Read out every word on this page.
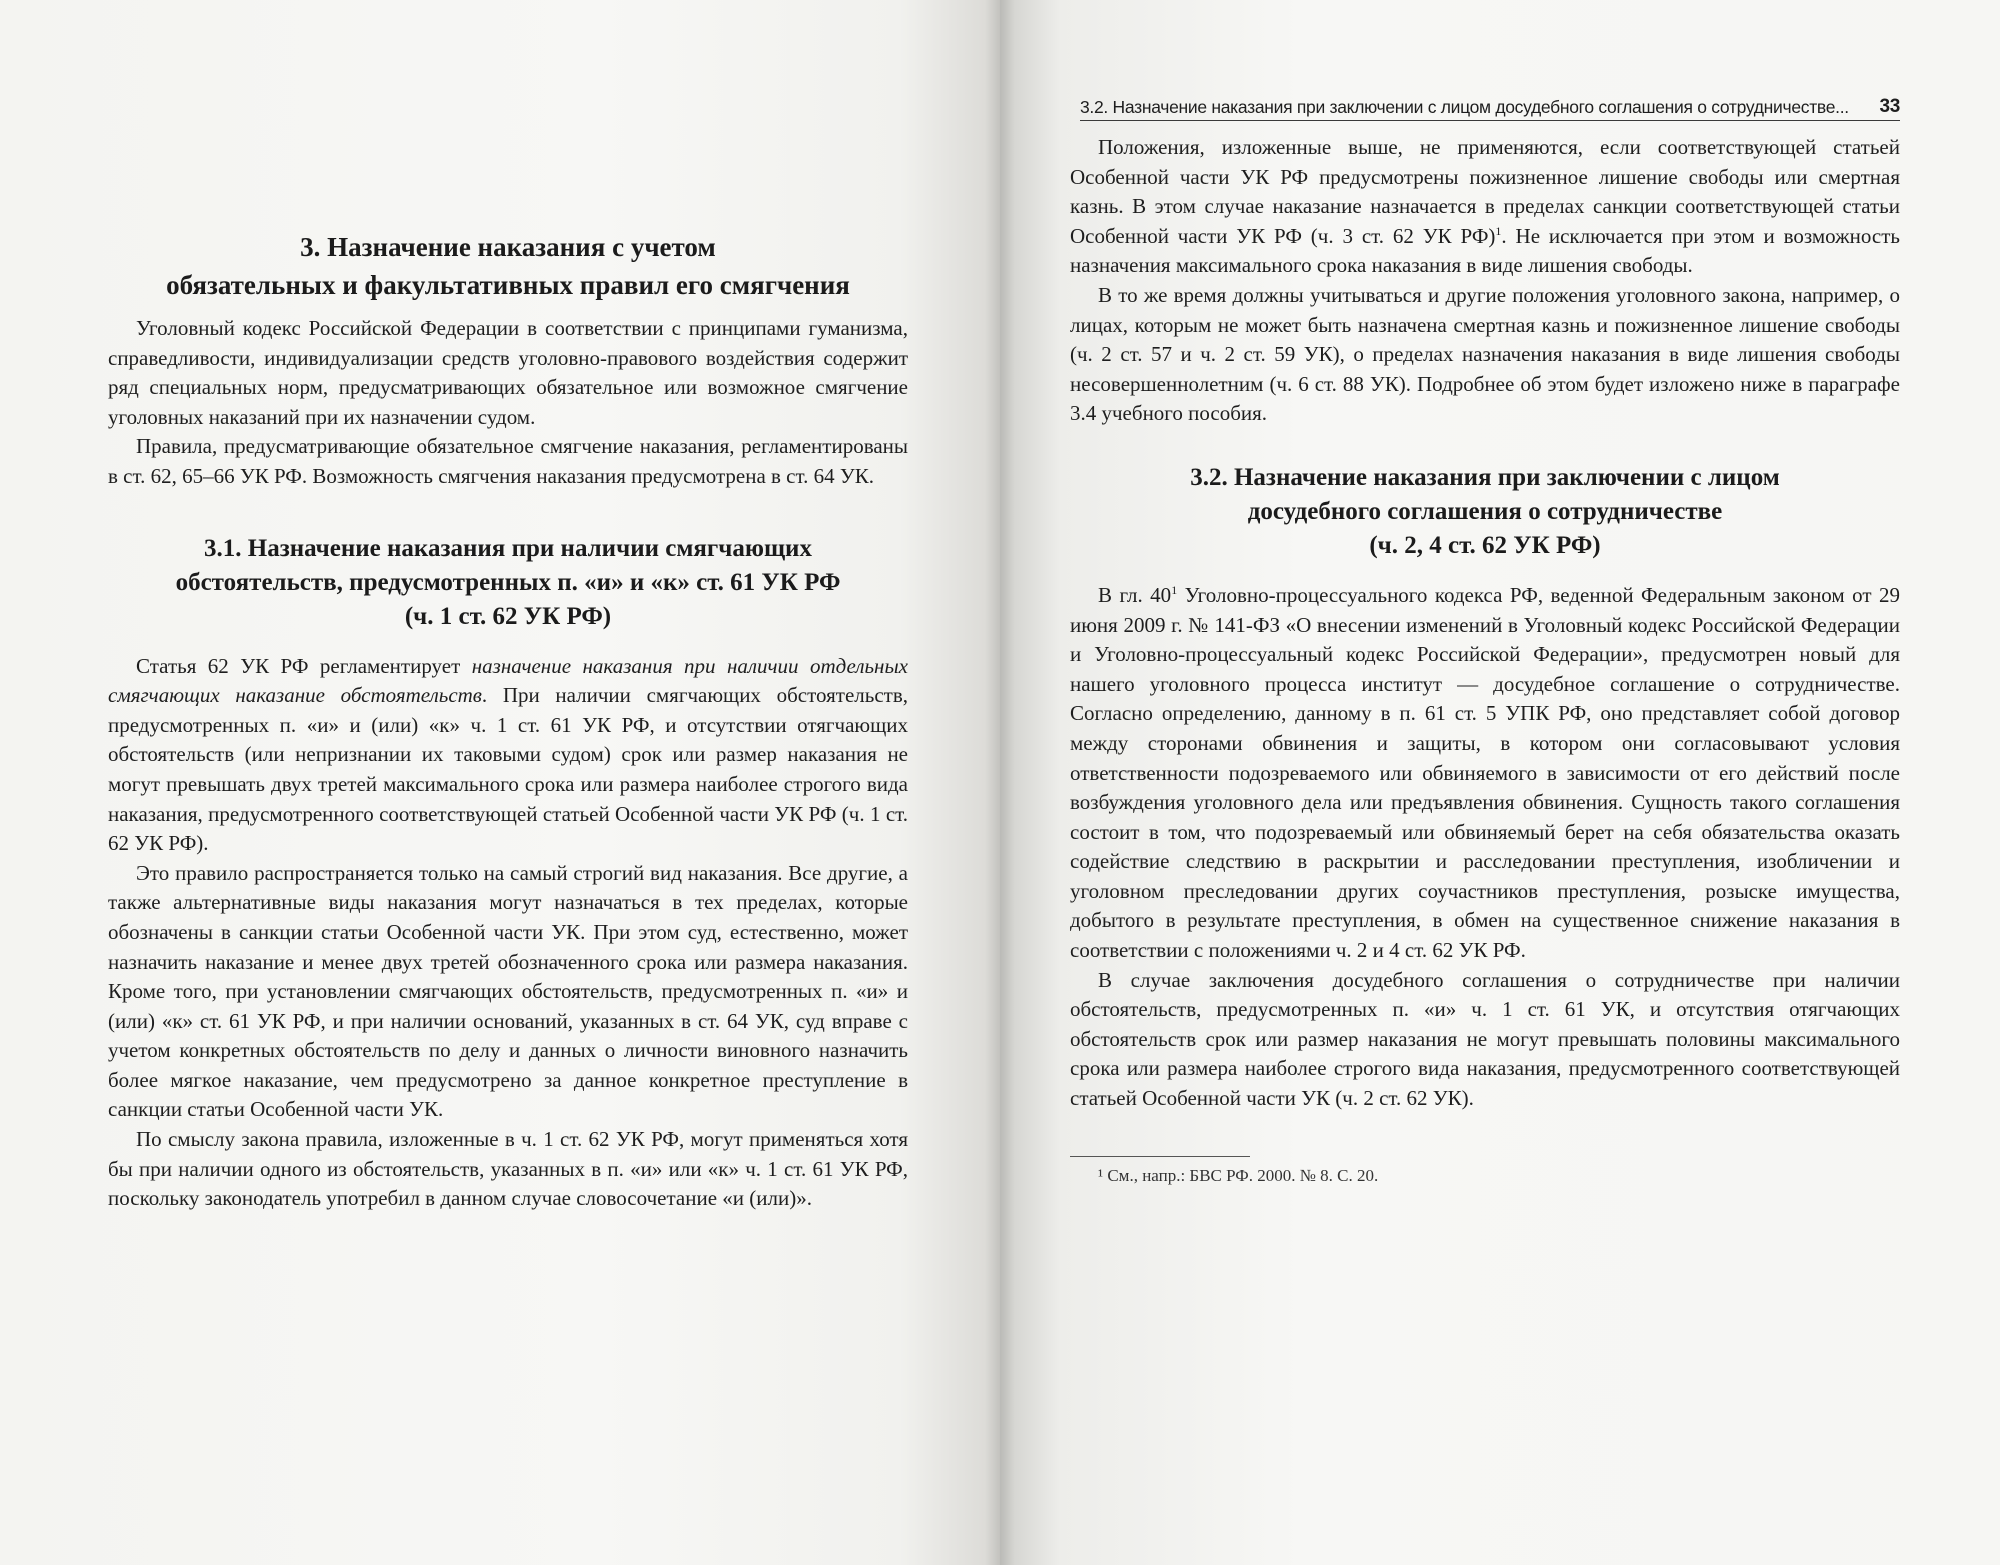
3. Назначение наказания с учетом
обязательных и факультативных правил его смягчения

Уголовный кодекс Российской Федерации в соответствии с принципами гуманизма, справедливости, индивидуализации средств уголовно-правового воздействия содержит ряд специальных норм, предусматривающих обязательное или возможное смягчение уголовных наказаний при их назначении судом.

Правила, предусматривающие обязательное смягчение наказания, регламентированы в ст. 62, 65–66 УК РФ. Возможность смягчения наказания предусмотрена в ст. 64 УК.

3.1. Назначение наказания при наличии смягчающих
обстоятельств, предусмотренных п. «и» и «к» ст. 61 УК РФ
(ч. 1 ст. 62 УК РФ)

Статья 62 УК РФ регламентирует назначение наказания при наличии отдельных смягчающих наказание обстоятельств. При наличии смягчающих обстоятельств, предусмотренных п. «и» и (или) «к» ч. 1 ст. 61 УК РФ, и отсутствии отягчающих обстоятельств (или непризнании их таковыми судом) срок или размер наказания не могут превышать двух третей максимального срока или размера наиболее строгого вида наказания, предусмотренного соответствующей статьей Особенной части УК РФ (ч. 1 ст. 62 УК РФ).

Это правило распространяется только на самый строгий вид наказания. Все другие, а также альтернативные виды наказания могут назначаться в тех пределах, которые обозначены в санкции статьи Особенной части УК. При этом суд, естественно, может назначить наказание и менее двух третей обозначенного срока или размера наказания. Кроме того, при установлении смягчающих обстоятельств, предусмотренных п. «и» и (или) «к» ст. 61 УК РФ, и при наличии оснований, указанных в ст. 64 УК, суд вправе с учетом конкретных обстоятельств по делу и данных о личности виновного назначить более мягкое наказание, чем предусмотрено за данное конкретное преступление в санкции статьи Особенной части УК.

По смыслу закона правила, изложенные в ч. 1 ст. 62 УК РФ, могут применяться хотя бы при наличии одного из обстоятельств, указанных в п. «и» или «к» ч. 1 ст. 61 УК РФ, поскольку законодатель употребил в данном случае словосочетание «и (или)».

3.2. Назначение наказания при заключении с лицом досудебного соглашения о сотрудничестве...	33

Положения, изложенные выше, не применяются, если соответствующей статьей Особенной части УК РФ предусмотрены пожизненное лишение свободы или смертная казнь. В этом случае наказание назначается в пределах санкции соответствующей статьи Особенной части УК РФ (ч. 3 ст. 62 УК РФ)$^1$. Не исключается при этом и возможность назначения максимального срока наказания в виде лишения свободы.

В то же время должны учитываться и другие положения уголовного закона, например, о лицах, которым не может быть назначена смертная казнь и пожизненное лишение свободы (ч. 2 ст. 57 и ч. 2 ст. 59 УК), о пределах назначения наказания в виде лишения свободы несовершеннолетним (ч. 6 ст. 88 УК). Подробнее об этом будет изложено ниже в параграфе 3.4 учебного пособия.

3.2. Назначение наказания при заключении с лицом
досудебного соглашения о сотрудничестве
(ч. 2, 4 ст. 62 УК РФ)

В гл. $40^1$ Уголовно-процессуального кодекса РФ, веденной Федеральным законом от 29 июня 2009 г. № 141-ФЗ «О внесении изменений в Уголовный кодекс Российской Федерации и Уголовно-процессуальный кодекс Российской Федерации», предусмотрен новый для нашего уголовного процесса институт — досудебное соглашение о сотрудничестве. Согласно определению, данному в п. 61 ст. 5 УПК РФ, оно представляет собой договор между сторонами обвинения и защиты, в котором они согласовывают условия ответственности подозреваемого или обвиняемого в зависимости от его действий после возбуждения уголовного дела или предъявления обвинения. Сущность такого соглашения состоит в том, что подозреваемый или обвиняемый берет на себя обязательства оказать содействие следствию в раскрытии и расследовании преступления, изобличении и уголовном преследовании других соучастников преступления, розыске имущества, добытого в результате преступления, в обмен на существенное снижение наказания в соответствии с положениями ч. 2 и 4 ст. 62 УК РФ.

В случае заключения досудебного соглашения о сотрудничестве при наличии обстоятельств, предусмотренных п. «и» ч. 1 ст. 61 УК, и отсутствия отягчающих обстоятельств срок или размер наказания не могут превышать половины максимального срока или размера наиболее строгого вида наказания, предусмотренного соответствующей статьей Особенной части УК (ч. 2 ст. 62 УК).

¹ См., напр.: БВС РФ. 2000. № 8. С. 20.
